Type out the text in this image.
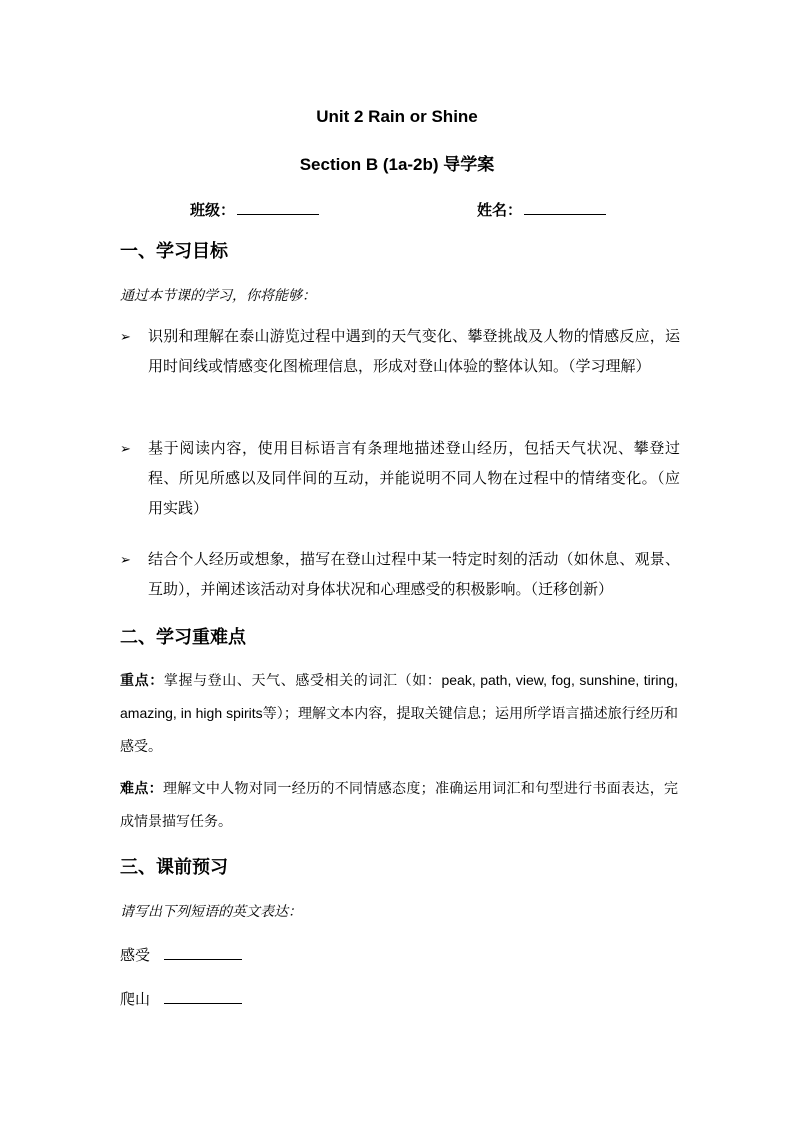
Unit 2 Rain or Shine
Section B (1a-2b) 导学案
班级：	姓名：
一、学习目标
通过本节课的学习，你将能够：
➢ 识别和理解在泰山游览过程中遇到的天气变化、攀登挑战及人物的情感反应，运用时间线或情感变化图梳理信息，形成对登山体验的整体认知。（学习理解）
➢ 基于阅读内容，使用目标语言有条理地描述登山经历，包括天气状况、攀登过程、所见所感以及同伴间的互动，并能说明不同人物在过程中的情绪变化。（应用实践）
➢ 结合个人经历或想象，描写在登山过程中某一特定时刻的活动（如休息、观景、互助），并阐述该活动对身体状况和心理感受的积极影响。（迁移创新）
二、学习重难点
重点：掌握与登山、天气、感受相关的词汇（如：peak, path, view, fog, sunshine, tiring, amazing, in high spirits等）；理解文本内容，提取关键信息；运用所学语言描述旅行经历和感受。
难点：理解文中人物对同一经历的不同情感态度；准确运用词汇和句型进行书面表达，完成情景描写任务。
三、课前预习
请写出下列短语的英文表达：
感受
爬山
